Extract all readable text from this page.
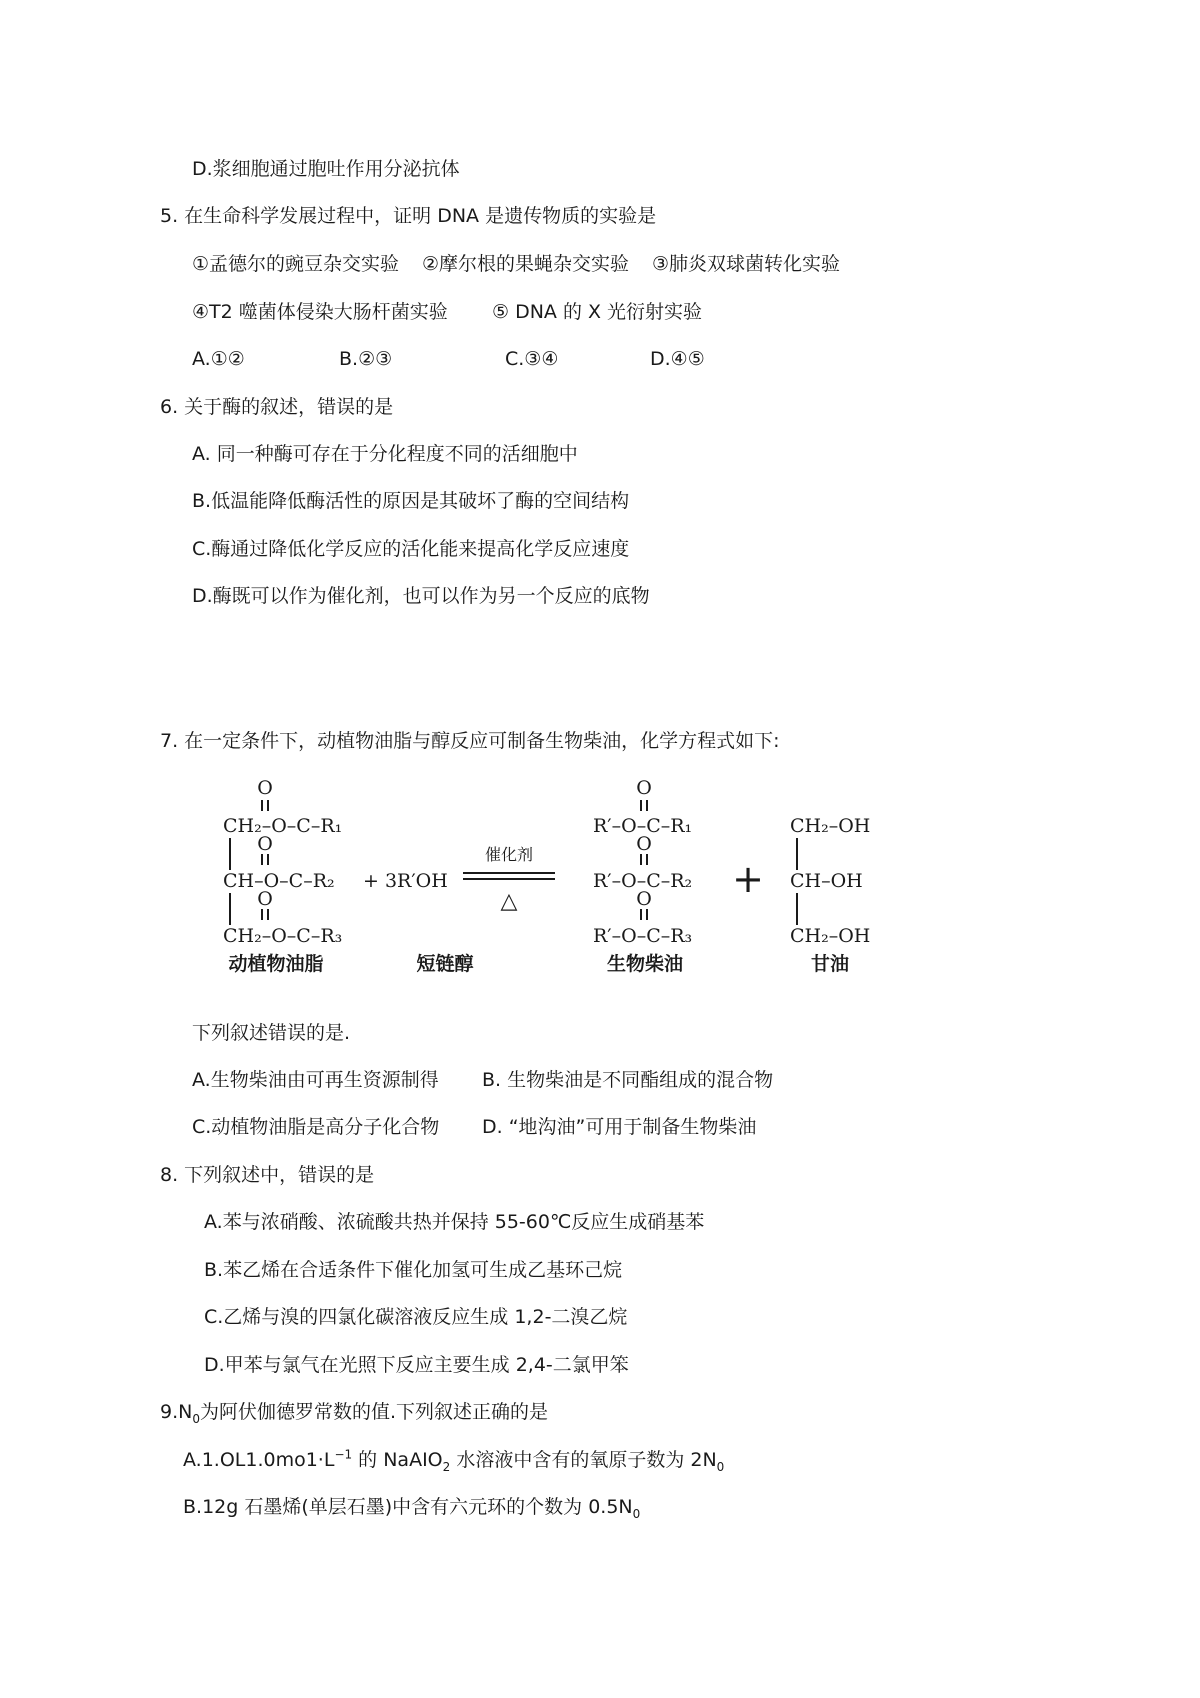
D.浆细胞通过胞吐作用分泌抗体
5. 在生命科学发展过程中，证明 DNA 是遗传物质的实验是
①孟德尔的豌豆杂交实验 ②摩尔根的果蝇杂交实验 ③肺炎双球菌转化实验
④T2 噬菌体侵染大肠杆菌实验 ⑤ DNA 的 X 光衍射实验
A.①②	B.②③	C.③④	D.④⑤
6. 关于酶的叙述，错误的是
A. 同一种酶可存在于分化程度不同的活细胞中
B.低温能降低酶活性的原因是其破坏了酶的空间结构
C.酶通过降低化学反应的活化能来提高化学反应速度
D.酶既可以作为催化剂，也可以作为另一个反应的底物
7. 在一定条件下，动植物油脂与醇反应可制备生物柴油，化学方程式如下:
O
CH₂–O–C–R₁
O
CH–O–C–R₂
O
CH₂–O–C–R₃
动植物油脂
+ 3R′OH
短链醇
催化剂
△
O
R′–O–C–R₁
O
R′–O–C–R₂
O
R′–O–C–R₃
生物柴油
+
CH₂–OH
CH–OH
CH₂–OH
甘油
下列叙述错误的是.
A.生物柴油由可再生资源制得 B. 生物柴油是不同酯组成的混合物
C.动植物油脂是高分子化合物 D. “地沟油”可用于制备生物柴油
8. 下列叙述中，错误的是
A.苯与浓硝酸、浓硫酸共热并保持 55-60℃反应生成硝基苯
B.苯乙烯在合适条件下催化加氢可生成乙基环己烷
C.乙烯与溴的四氯化碳溶液反应生成 1,2-二溴乙烷
D.甲苯与氯气在光照下反应主要生成 2,4-二氯甲笨
$9.N_0$为阿伏伽德罗常数的值.下列叙述正确的是
$A.1.OL1.0mo1\cdot L^{-1}$ 的 NaAIO$_2$ 水溶液中含有的氧原子数为 $2N_0$
B.12g 石墨烯(单层石墨)中含有六元环的个数为 $0.5N_0$
